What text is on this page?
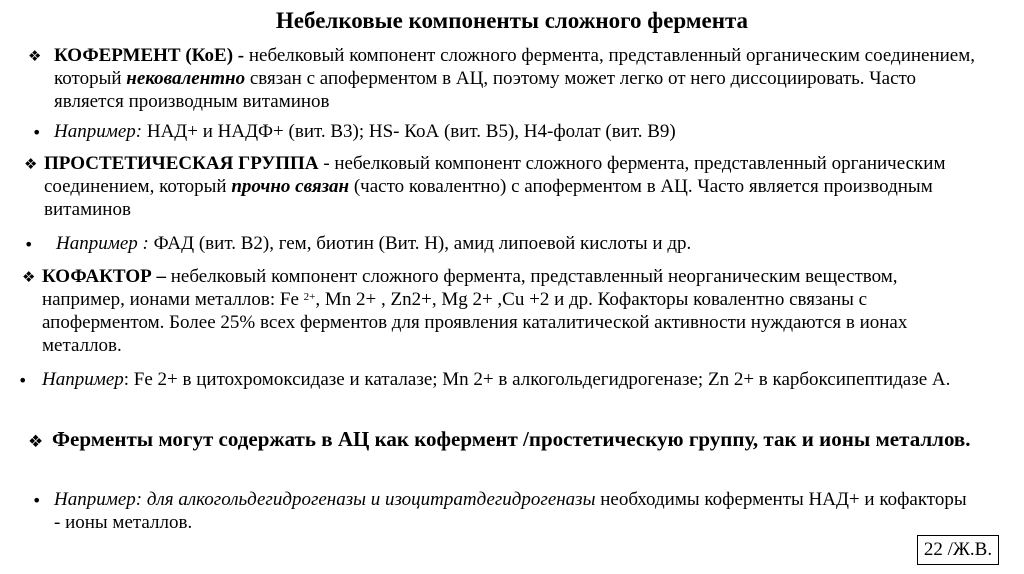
Небелковые компоненты сложного фермента
❖ КОФЕРМЕНТ (КоЕ) - небелковый компонент сложного фермента, представленный органическим соединением, который нековалентно связан с апоферментом в АЦ, поэтому может легко от него диссоциировать. Часто является производным витаминов

• Например: НАД+ и НАДФ+ (вит. В3); HS- КоА (вит. В5), Н4-фолат (вит. В9)
❖ ПРОСТЕТИЧЕСКАЯ ГРУППА - небелковый компонент сложного фермента, представленный органическим соединением, который прочно связан (часто ковалентно) с апоферментом в АЦ. Часто является производным витаминов

• Например : ФАД (вит. В2), гем, биотин (Вит. Н), амид липоевой кислоты и др.
❖ КОФАКТОР – небелковый компонент сложного фермента, представленный неорганическим веществом, например, ионами металлов: Fe $^{2+}$, Mn 2+ , Zn2+, Mg 2+ ,Cu +2 и др. Кофакторы ковалентно связаны с апоферментом. Более 25% всех ферментов для проявления каталитической активности нуждаются в ионах металлов.

• Например: Fe 2+ в цитохромоксидазе и каталазе; Mn 2+ в алкогольдегидрогеназе; Zn 2+ в карбоксипептидазе А.

❖ Ферменты могут содержать в АЦ как кофермент /простетическую группу, так и ионы металлов.

• Например: для алкогольдегидрогеназы и изоцитратдегидрогеназы необходимы коферменты НАД+ и кофакторы - ионы металлов.

22 /Ж.В.
